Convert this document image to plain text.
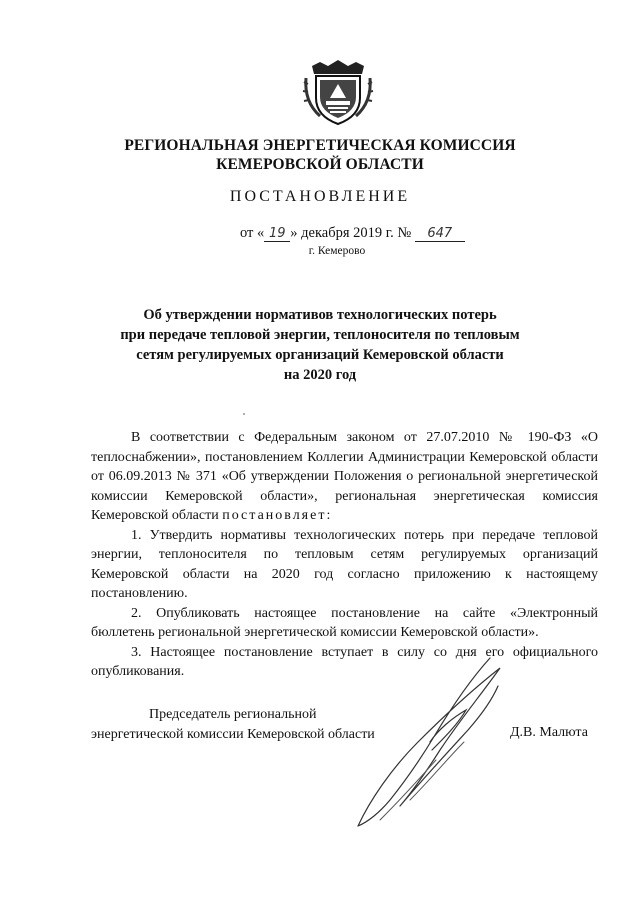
РЕГИОНАЛЬНАЯ ЭНЕРГЕТИЧЕСКАЯ КОМИССИЯ
КЕМЕРОВСКОЙ ОБЛАСТИ
ПОСТАНОВЛЕНИЕ
от « 19 » декабря 2019 г. № 647
г. Кемерово
Об утверждении нормативов технологических потерь
при передаче тепловой энергии, теплоносителя по тепловым
сетям регулируемых организаций Кемеровской области
на 2020 год

В соответствии с Федеральным законом от 27.07.2010 № 190-ФЗ «О теплоснабжении», постановлением Коллегии Администрации Кемеровской области от 06.09.2013 № 371 «Об утверждении Положения о региональной энергетической комиссии Кемеровской области», региональная энергетическая комиссия Кемеровской области постановляет:

1. Утвердить нормативы технологических потерь при передаче тепловой энергии, теплоносителя по тепловым сетям регулируемых организаций Кемеровской области на 2020 год согласно приложению к настоящему постановлению.

2. Опубликовать настоящее постановление на сайте «Электронный бюллетень региональной энергетической комиссии Кемеровской области».

3. Настоящее постановление вступает в силу со дня его официального опубликования.

Председатель региональной
энергетической комиссии Кемеровской области	Д.В. Малюта
